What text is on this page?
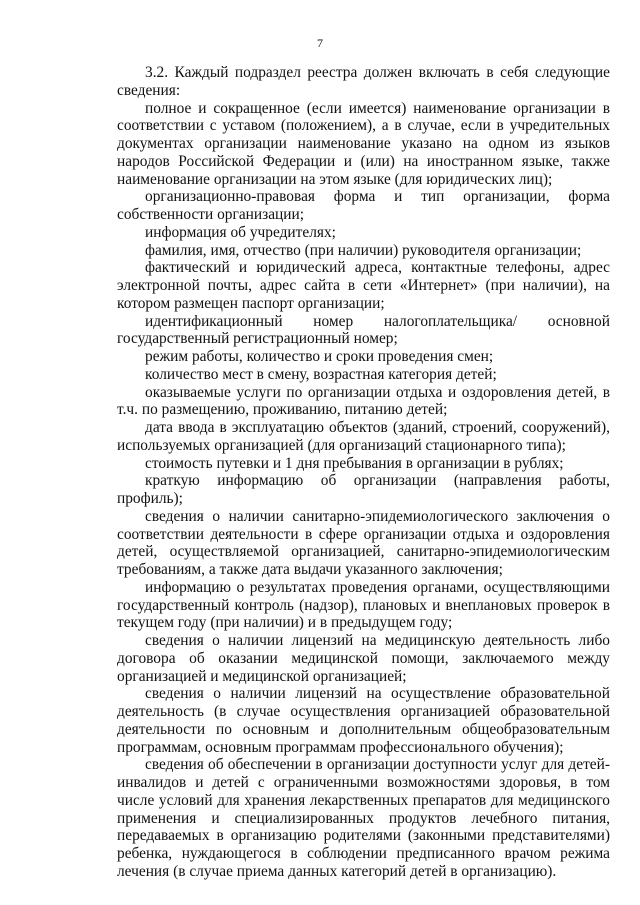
7

3.2. Каждый подраздел реестра должен включать в себя следующие сведения:

полное и сокращенное (если имеется) наименование организации в соответствии с уставом (положением), а в случае, если в учредительных документах организации наименование указано на одном из языков народов Российской Федерации и (или) на иностранном языке, также наименование организации на этом языке (для юридических лиц);

организационно-правовая форма и тип организации, форма собственности организации;

информация об учредителях;

фамилия, имя, отчество (при наличии) руководителя организации;

фактический и юридический адреса, контактные телефоны, адрес электронной почты, адрес сайта в сети «Интернет» (при наличии), на котором размещен паспорт организации;

идентификационный номер налогоплательщика/ основной государственный регистрационный номер;

режим работы, количество и сроки проведения смен;

количество мест в смену, возрастная категория детей;

оказываемые услуги по организации отдыха и оздоровления детей, в т.ч. по размещению, проживанию, питанию детей;

дата ввода в эксплуатацию объектов (зданий, строений, сооружений), используемых организацией (для организаций стационарного типа);

стоимость путевки и 1 дня пребывания в организации в рублях;

краткую информацию об организации (направления работы, профиль);

сведения о наличии санитарно-эпидемиологического заключения о соответствии деятельности в сфере организации отдыха и оздоровления детей, осуществляемой организацией, санитарно-эпидемиологическим требованиям, а также дата выдачи указанного заключения;

информацию о результатах проведения органами, осуществляющими государственный контроль (надзор), плановых и внеплановых проверок в текущем году (при наличии) и в предыдущем году;

сведения о наличии лицензий на медицинскую деятельность либо договора об оказании медицинской помощи, заключаемого между организацией и медицинской организацией;

сведения о наличии лицензий на осуществление образовательной деятельность (в случае осуществления организацией образовательной деятельности по основным и дополнительным общеобразовательным программам, основным программам профессионального обучения);

сведения об обеспечении в организации доступности услуг для детей-инвалидов и детей с ограниченными возможностями здоровья, в том числе условий для хранения лекарственных препаратов для медицинского применения и специализированных продуктов лечебного питания, передаваемых в организацию родителями (законными представителями) ребенка, нуждающегося в соблюдении предписанного врачом режима лечения (в случае приема данных категорий детей в организацию).
